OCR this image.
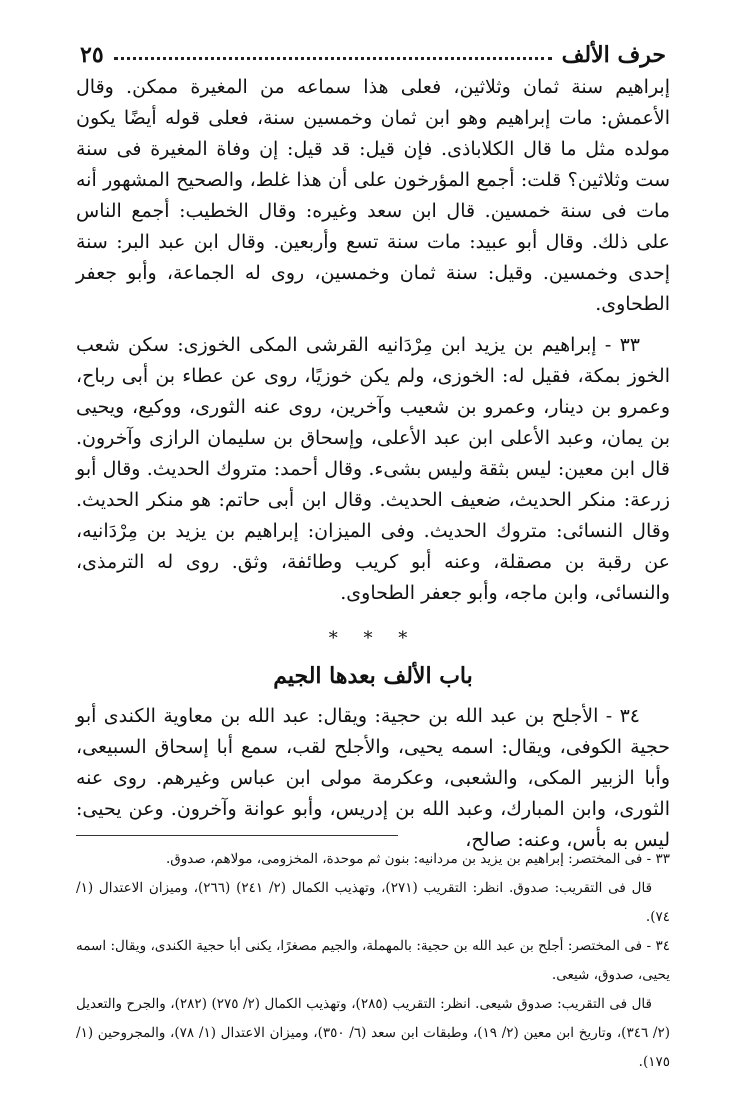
حرف الألف
٢٥

إبراهيم سنة ثمان وثلاثين، فعلى هذا سماعه من المغيرة ممكن. وقال الأعمش: مات إبراهيم وهو ابن ثمان وخمسين سنة، فعلى قوله أيضًا يكون مولده مثل ما قال الكلاباذى. فإن قيل: قد قيل: إن وفاة المغيرة فى سنة ست وثلاثين؟ قلت: أجمع المؤرخون على أن هذا غلط، والصحيح المشهور أنه مات فى سنة خمسين. قال ابن سعد وغيره: وقال الخطيب: أجمع الناس على ذلك. وقال أبو عبيد: مات سنة تسع وأربعين. وقال ابن عبد البر: سنة إحدى وخمسين. وقيل: سنة ثمان وخمسين، روى له الجماعة، وأبو جعفر الطحاوى.

٣٣ - إبراهيم بن يزيد ابن مِرْدَانيه القرشى المكى الخوزى: سكن شعب الخوز بمكة، فقيل له: الخوزى، ولم يكن خوزيًا، روى عن عطاء بن أبى رباح، وعمرو بن دينار، وعمرو بن شعيب وآخرين، روى عنه الثورى، ووكيع، ويحيى بن يمان، وعبد الأعلى ابن عبد الأعلى، وإسحاق بن سليمان الرازى وآخرون. قال ابن معين: ليس بثقة وليس بشىء. وقال أحمد: متروك الحديث. وقال أبو زرعة: منكر الحديث، ضعيف الحديث. وقال ابن أبى حاتم: هو منكر الحديث. وقال النسائى: متروك الحديث. وفى الميزان: إبراهيم بن يزيد بن مِرْدَانيه، عن رقبة بن مصقلة، وعنه أبو كريب وطائفة، وثق. روى له الترمذى، والنسائى، وابن ماجه، وأبو جعفر الطحاوى.

* * *
باب الألف بعدها الجيم

٣٤ - الأجلح بن عبد الله بن حجية: ويقال: عبد الله بن معاوية الكندى أبو حجية الكوفى، ويقال: اسمه يحيى، والأجلح لقب، سمع أبا إسحاق السبيعى، وأبا الزبير المكى، والشعبى، وعكرمة مولى ابن عباس وغيرهم. روى عنه الثورى، وابن المبارك، وعبد الله بن إدريس، وأبو عوانة وآخرون. وعن يحيى: ليس به بأس، وعنه: صالح،

٣٣ - فى المختصر: إبراهيم بن يزيد بن مردانيه: بنون ثم موحدة، المخزومى، مولاهم، صدوق.

قال فى التقريب: صدوق. انظر: التقريب (٢٧١)، وتهذيب الكمال (٢/ ٢٤١) (٢٦٦)، وميزان الاعتدال (١/ ٧٤).

٣٤ - فى المختصر: أجلح بن عبد الله بن حجية: بالمهملة، والجيم مصغرًا، يكنى أبا حجية الكندى، ويقال: اسمه يحيى، صدوق، شيعى.

قال فى التقريب: صدوق شيعى. انظر: التقريب (٢٨٥)، وتهذيب الكمال (٢/ ٢٧٥) (٢٨٢)، والجرح والتعديل (٢/ ٣٤٦)، وتاريخ ابن معين (٢/ ١٩)، وطبقات ابن سعد (٦/ ٣٥٠)، وميزان الاعتدال (١/ ٧٨)، والمجروحين (١/ ١٧٥).
